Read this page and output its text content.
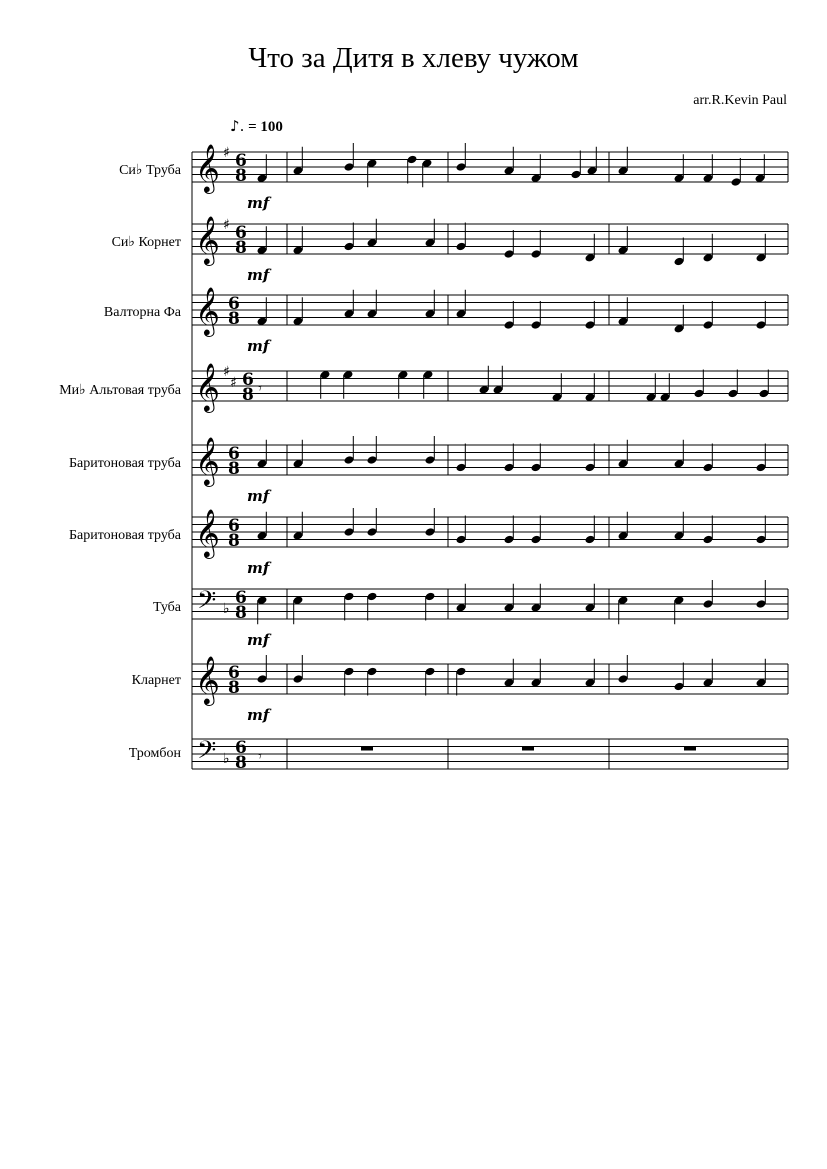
Что за Дитя в хлеву чужом
arr.R.Kevin Paul
♪. = 100
Си♭ Труба
Си♭ Корнет
Валторна Фа
Ми♭ Альтовая труба
Баритоновая труба
Баритоновая труба
Туба
Кларнет
Тромбон
𝄞 ♯ 6
8
mf
𝄞 ♯ 6
8
mf
𝄞 6
8
mf
𝄞 ♯
♯ 6
8 𝄾
𝄞 6
8
mf
𝄞 6
8
mf
𝄢 ♭
6
8
mf
𝄞 6
8
mf
𝄢 ♭
6
8 𝄾
